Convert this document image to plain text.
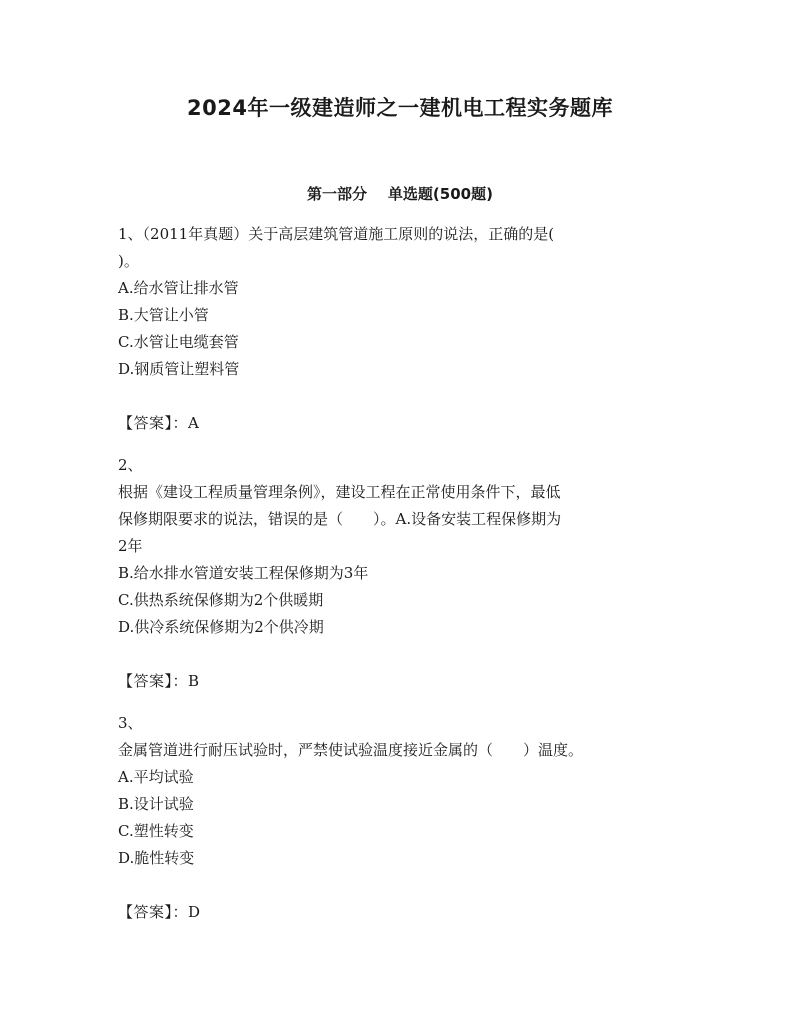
2024年一级建造师之一建机电工程实务题库
第一部分    单选题(500题)
1、（2011年真题）关于高层建筑管道施工原则的说法，正确的是(
)。
A.给水管让排水管
B.大管让小管
C.水管让电缆套管
D.钢质管让塑料管
【答案】：A
2、
根据《建设工程质量管理条例》，建设工程在正常使用条件下，最低
保修期限要求的说法，错误的是（　　）。A.设备安装工程保修期为
2年
B.给水排水管道安装工程保修期为3年
C.供热系统保修期为2个供暖期
D.供冷系统保修期为2个供冷期
【答案】：B
3、
金属管道进行耐压试验时，严禁使试验温度接近金属的（　　）温度。
A.平均试验
B.设计试验
C.塑性转变
D.脆性转变
【答案】：D
